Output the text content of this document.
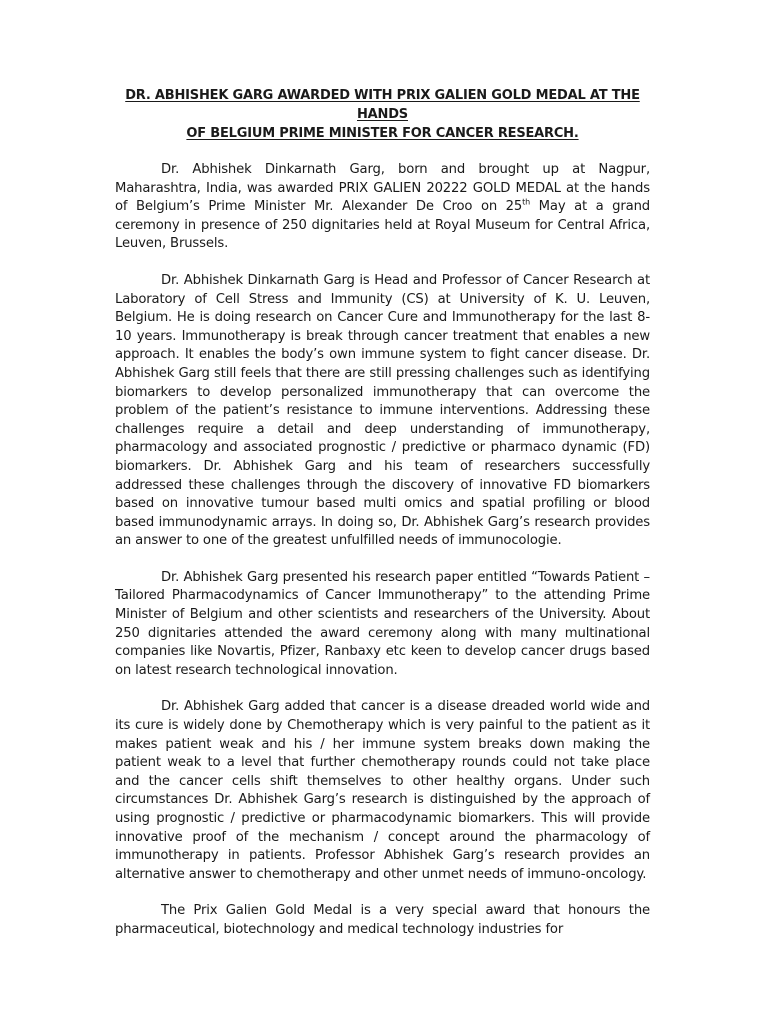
DR. ABHISHEK GARG AWARDED WITH PRIX GALIEN GOLD MEDAL AT THE HANDS
OF BELGIUM PRIME MINISTER FOR CANCER RESEARCH.

Dr. Abhishek Dinkarnath Garg, born and brought up at Nagpur, Maharashtra, India, was awarded PRIX GALIEN 20222 GOLD MEDAL at the hands of Belgium’s Prime Minister Mr. Alexander De Croo on 25th May at a grand ceremony in presence of 250 dignitaries held at Royal Museum for Central Africa, Leuven, Brussels.

Dr. Abhishek Dinkarnath Garg is Head and Professor of Cancer Research at Laboratory of Cell Stress and Immunity (CS) at University of K. U. Leuven, Belgium. He is doing research on Cancer Cure and Immunotherapy for the last 8-10 years. Immunotherapy is break through cancer treatment that enables a new approach. It enables the body’s own immune system to fight cancer disease. Dr. Abhishek Garg still feels that there are still pressing challenges such as identifying biomarkers to develop personalized immunotherapy that can overcome the problem of the patient’s resistance to immune interventions. Addressing these challenges require a detail and deep understanding of immunotherapy, pharmacology and associated prognostic / predictive or pharmaco dynamic (FD) biomarkers. Dr. Abhishek Garg and his team of researchers successfully addressed these challenges through the discovery of innovative FD biomarkers based on innovative tumour based multi omics and spatial profiling or blood based immunodynamic arrays. In doing so, Dr. Abhishek Garg’s research provides an answer to one of the greatest unfulfilled needs of immunocologie.

Dr. Abhishek Garg presented his research paper entitled “Towards Patient – Tailored Pharmacodynamics of Cancer Immunotherapy” to the attending Prime Minister of Belgium and other scientists and researchers of the University. About 250 dignitaries attended the award ceremony along with many multinational companies like Novartis, Pfizer, Ranbaxy etc keen to develop cancer drugs based on latest research technological innovation.

Dr. Abhishek Garg added that cancer is a disease dreaded world wide and its cure is widely done by Chemotherapy which is very painful to the patient as it makes patient weak and his / her immune system breaks down making the patient weak to a level that further chemotherapy rounds could not take place and the cancer cells shift themselves to other healthy organs. Under such circumstances Dr. Abhishek Garg’s research is distinguished by the approach of using prognostic / predictive or pharmacodynamic biomarkers. This will provide innovative proof of the mechanism / concept around the pharmacology of immunotherapy in patients. Professor Abhishek Garg’s research provides an alternative answer to chemotherapy and other unmet needs of immuno-oncology.

The Prix Galien Gold Medal is a very special award that honours the pharmaceutical, biotechnology and medical technology industries for
